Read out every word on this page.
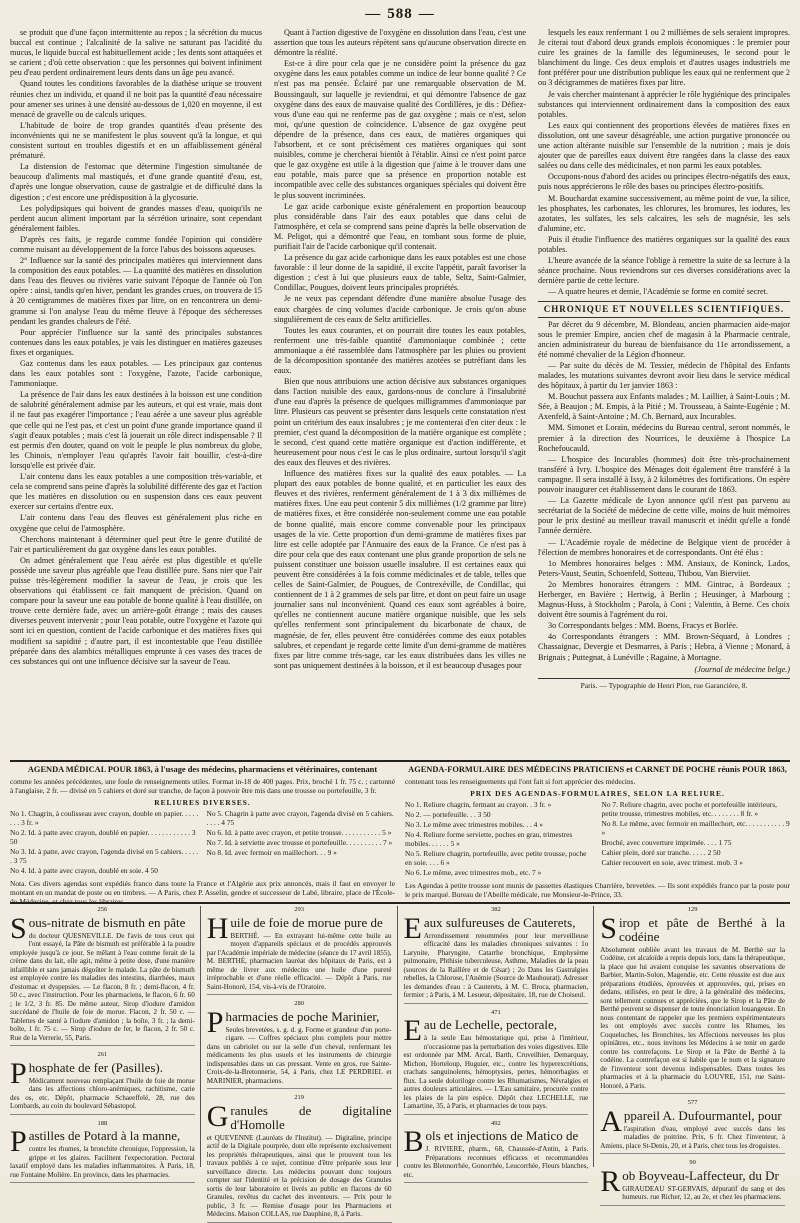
— 588 —

se produit que d'une façon intermittente au repos ; la sécrétion du mucus buccal est continue ; l'alcalinité de la salive ne saturant pas l'acidité du mucus, le liquide buccal est habituellement acide ; les dents sont attaquées et se carient ; d'où cette observation : que les personnes qui boivent infiniment peu d'eau perdent ordinairement leurs dents dans un âge peu avancé.

Quand toutes les conditions favorables de la diathèse urique se trouvent réunies chez un individu, et quand il ne boit pas la quantité d'eau nécessaire pour amener ses urines à une densité au-dessous de 1,020 en moyenne, il est menacé de gravelle ou de calculs uriques.

L'habitude de boire de trop grandes quantités d'eau présente des inconvénients qui ne se manifestent le plus souvent qu'à la longue, et qui consistent surtout en troubles digestifs et en un affaiblissement général prématuré.

La distension de l'estomac que détermine l'ingestion simultanée de beaucoup d'aliments mal mastiqués, et d'une grande quantité d'eau, est, d'après une longue observation, cause de gastralgie et de difficulté dans la digestion ; c'est encore une prédisposition à la glycosurie.

Les polydipsiques qui boivent de grandes masses d'eau, quoiqu'ils ne perdent aucun aliment important par la sécrétion urinaire, sont cependant généralement faibles.

D'après ces faits, je regarde comme fondée l'opinion qui considère comme nuisant au développement de la force l'abus des boissons aqueuses.

2° Influence sur la santé des principales matières qui interviennent dans la composition des eaux potables. — La quantité des matières en dissolution dans l'eau des fleuves ou rivières varie suivant l'époque de l'année où l'on opère : ainsi, tandis qu'en hiver, pendant les grandes crues, on trouvera de 15 à 20 centigrammes de matières fixes par litre, on en rencontrera un demi-gramme si l'on analyse l'eau du même fleuve à l'époque des sécheresses pendant les grandes chaleurs de l'été.

Pour apprécier l'influence sur la santé des principales substances contenues dans les eaux potables, je vais les distinguer en matières gazeuses fixes et organiques.

Gaz contenus dans les eaux potables. — Les principaux gaz contenus dans les eaux potables sont : l'oxygène, l'azote, l'acide carbonique, l'ammoniaque.

La présence de l'air dans les eaux destinées à la boisson est une condition de salubrité généralement admise par les auteurs, et qui est vraie, mais dont il ne faut pas exagérer l'importance ; l'eau aérée a une saveur plus agréable que celle qui ne l'est pas, et c'est un point d'une grande importance quand il s'agit d'eaux potables ; mais c'est là jouerait un rôle direct indispensable ? Il est permis d'en douter, quand on voit le peuple le plus nombreux du globe, les Chinois, n'employer l'eau qu'après l'avoir fait bouillir, c'est-à-dire lorsqu'elle est privée d'air.

L'air contenu dans les eaux potables a une composition très-variable, et cela se comprend sans peine d'après la solubilité différente des gaz et l'action que les matières en dissolution ou en suspension dans ces eaux peuvent exercer sur certains d'entre eux.

L'air contenu dans l'eau des fleuves est généralement plus riche en oxygène que celui de l'atmosphère.

Cherchons maintenant à déterminer quel peut être le genre d'utilité de l'air et particulièrement du gaz oxygène dans les eaux potables.

On admet généralement que l'eau aérée est plus digestible et qu'elle possède une saveur plus agréable que l'eau distillée pure. Sans nier que l'air puisse très-légèrement modifier la saveur de l'eau, je crois que les observations qui établissent ce fait manquent de précision. Quand on compare pour la saveur une eau potable de bonne qualité à l'eau distillée, on trouve cette dernière fade, avec un arrière-goût étrange ; mais des causes diverses peuvent intervenir ; pour l'eau potable, outre l'oxygène et l'azote qui sont ici en question, contient de l'acide carbonique et des matières fixes qui modifient sa sapidité ; d'autre part, il est incontestable que l'eau distillée préparée dans des alambics métalliques emprunte à ces vases des traces de ces substances qui ont une influence décisive sur la saveur de l'eau.

Quant à l'action digestive de l'oxygène en dissolution dans l'eau, c'est une assertion que tous les auteurs répètent sans qu'aucune observation directe en démontre la réalité.

Est-ce à dire pour cela que je ne considère point la présence du gaz oxygène dans les eaux potables comme un indice de leur bonne qualité ? Ce n'est pas ma pensée. Éclairé par une remarquable observation de M. Boussingault, sur laquelle je reviendrai, et qui démontre l'absence de gaz oxygène dans des eaux de mauvaise qualité des Cordillères, je dis : Défiez-vous d'une eau qui ne renferme pas de gaz oxygène ; mais ce n'est, selon moi, qu'une question de coïncidence. L'absence de gaz oxygène peut dépendre de la présence, dans ces eaux, de matières organiques qui l'absorbent, et ce sont précisément ces matières organiques qui sont nuisibles, comme je chercherai bientôt à l'établir. Ainsi ce n'est point parce que le gaz oxygène est utile à la digestion que j'aime à le trouver dans une eau potable, mais parce que sa présence en proportion notable est incompatible avec celle des substances organiques spéciales qui doivent être le plus souvent incriminées.

Le gaz acide carbonique existe généralement en proportion beaucoup plus considérable dans l'air des eaux potables que dans celui de l'atmosphère, et cela se comprend sans peine d'après la belle observation de M. Peligot, qui a démontré que l'eau, en tombant sous forme de pluie, purifiait l'air de l'acide carbonique qu'il contenait.

La présence du gaz acide carbonique dans les eaux potables est une chose favorable : il leur donne de la sapidité, il excite l'appétit, paraît favoriser la digestion ; c'est à lui que plusieurs eaux de table, Seltz, Saint-Galmier, Condillac, Pougues, doivent leurs principales propriétés.

Je ne veux pas cependant défendre d'une manière absolue l'usage des eaux chargées de cinq volumes d'acide carbonique. Je crois qu'on abuse singulièrement de ces eaux de Seltz artificielles.

Toutes les eaux courantes, et on pourrait dire toutes les eaux potables, renferment une très-faible quantité d'ammoniaque combinée ; cette ammoniaque a été rassemblée dans l'atmosphère par les pluies ou provient de la décomposition spontanée des matières azotées se putréfiant dans les eaux.

Bien que nous attribuions une action décisive aux substances organiques dans l'action nuisible des eaux, gardons-nous de conclure à l'insalubrité d'une eau d'après la présence de quelques milligrammes d'ammoniaque par litre. Plusieurs cas peuvent se présenter dans lesquels cette constatation n'est point un critérium des eaux insalubres ; je me contenterai d'en citer deux : le premier, c'est quand la décomposition de la matière organique est complète ; le second, c'est quand cette matière organique est d'action indifférente, et heureusement pour nous c'est le cas le plus ordinaire, surtout lorsqu'il s'agit des eaux des fleuves et des rivières.

Influence des matières fixes sur la qualité des eaux potables. — La plupart des eaux potables de bonne qualité, et en particulier les eaux des fleuves et des rivières, renferment généralement de 1 à 3 dix millièmes de matières fixes. Une eau peut contenir 5 dix millièmes (1/2 gramme par litre) de matières fixes, et être considérée non-seulement comme une eau potable de bonne qualité, mais encore comme convenable pour les principaux usages de la vie. Cette proportion d'un demi-gramme de matières fixes par litre est celle adoptée par l'Annuaire des eaux de la France. Ce n'est pas à dire pour cela que des eaux contenant une plus grande proportion de sels ne puissent constituer une boisson usuelle insalubre. Il est certaines eaux qui peuvent être considérées à la fois comme médicinales et de table, telles que celles de Saint-Galmier, de Pougues, de Contrexéville, de Condillac, qui contiennent de 1 à 2 grammes de sels par litre, et dont on peut faire un usage journalier sans nul inconvénient. Quand ces eaux sont agréables à boire, qu'elles ne contiennent aucune matière organique nuisible, que les sels qu'elles renferment sont principalement du bicarbonate de chaux, de magnésie, de fer, elles peuvent être considérées comme des eaux potables salubres, et cependant je regarde cette limite d'un demi-gramme de matières fixes par litre comme très-sage, car les eaux distribuées dans les villes ne sont pas uniquement destinées à la boisson, et il est beaucoup d'usages pour

lesquels les eaux renfermant 1 ou 2 millièmes de sels seraient impropres. Je citerai tout d'abord deux grands emplois économiques : le premier pour cuire les graines de la famille des légumineuses, le second pour le blanchiment du linge. Ces deux emplois et d'autres usages industriels me font préférer pour une distribution publique les eaux qui ne renferment que 2 ou 3 décigrammes de matières fixes par litre.

Je vais chercher maintenant à apprécier le rôle hygiénique des principales substances qui interviennent ordinairement dans la composition des eaux potables.

Les eaux qui contiennent des proportions élevées de matières fixes en dissolution, ont une saveur désagréable, une action purgative prononcée ou une action altérante nuisible sur l'ensemble de la nutrition ; mais je dois ajouter que de pareilles eaux doivent être rangées dans la classe des eaux salées ou dans celle des médicinales, et non parmi les eaux potables.

Occupons-nous d'abord des acides ou principes électro-négatifs des eaux, puis nous apprécierons le rôle des bases ou principes électro-positifs.

M. Bouchardat examine successivement, au même point de vue, la silice, les phosphates, les carbonates, les chlorures, les bromures, les iodures, les azotates, les sulfates, les sels calcaires, les sels de magnésie, les sels d'alumine, etc.

Puis il étudie l'influence des matières organiques sur la qualité des eaux potables.

L'heure avancée de la séance l'oblige à remettre la suite de sa lecture à la séance prochaine. Nous reviendrons sur ces diverses considérations avec la dernière partie de cette lecture.

— A quatre heures et demie, l'Académie se forme en comité secret.

CHRONIQUE ET NOUVELLES SCIENTIFIQUES.

Par décret du 9 décembre, M. Blondeau, ancien pharmacien aide-major sous le premier Empire, ancien chef de magasin à la Pharmacie centrale, ancien administrateur du bureau de bienfaisance du 11e arrondissement, a été nommé chevalier de la Légion d'honneur.

— Par suite du décès de M. Tessier, médecin de l'hôpital des Enfants malades, les mutations suivantes devront avoir lieu dans le service médical des hôpitaux, à partir du 1er janvier 1863 :

M. Bouchut passera aux Enfants malades ; M. Laillier, à Saint-Louis ; M. Sée, à Beaujon ; M. Empis, à la Pitié ; M. Trousseau, à Sainte-Eugénie ; M. Axenfeld, à Saint-Antoine ; M. Ch. Bernard, aux Incurables.

MM. Simonet et Lorain, médecins du Bureau central, seront nommés, le premier à la direction des Nourrices, le deuxième à l'hospice La Rochefoucauld.

— L'hospice des Incurables (hommes) doit être très-prochainement transféré à Ivry. L'hospice des Ménages doit également être transféré à la campagne. Il sera installé à Issy, à 2 kilomètres des fortifications. On espère pouvoir inaugurer cet établissement dans le courant de 1863.

— La Gazette médicale de Lyon annonce qu'il n'est pas parvenu au secrétariat de la Société de médecine de cette ville, moins de huit mémoires pour le prix destiné au meilleur travail manuscrit et inédit qu'elle a fondé l'année dernière.

— L'Académie royale de médecine de Belgique vient de procéder à l'élection de membres honoraires et de correspondants. Ont été élus :

1o Membres honoraires belges : MM. Ansiaux, de Koninck, Lados, Peters-Vaust, Seutin, Schoenfeld, Sotteau, Thibou, Van Bierviiet.

2o Membres honoraires étrangers : MM. Gintrac, à Bordeaux ; Herberger, en Bavière ; Hertwig, à Berlin ; Heusinger, à Marbourg ; Magnus-Huss, à Stockholm ; Parola, à Coni ; Valentin, à Berne. Ces choix doivent être soumis à l'agrément du roi.

3o Correspondants belges : MM. Boens, Fracys et Borlée.

4o Correspondants étrangers : MM. Brown-Séquard, à Londres ; Chassaignac, Devergie et Desmarres, à Paris ; Hebra, à Vienne ; Monard, à Brignais ; Puttegnat, à Lunéville ; Ragaine, à Mortagne.

(Journal de médecine belge.)
Paris. — Typographie de Henri Plon, rue Garancière, 8.
AGENDA MÉDICAL POUR 1863, à l'usage des médecins, pharmaciens et vétérinaires, contenant
comme les années précédentes, une foule de renseignements utiles. Format in-18 de 400 pages. Prix, broché 1 fr. 75 c. ; cartonné à l'anglaise, 2 fr. — divisé en 5 cahiers et doré sur tranche, de façon à pouvoir être mis dans une trousse ou portefeuille, 3 fr.
RELIURES DIVERSES.
No 1. Chagrin, à coulisseau avec crayon, double en papier. . . . . . . . 3 fr. »
No 2. Id. à patte avec crayon, doublé en papier. . . . . . . . . . . . 3 50
No 3. Id. à patte, avec crayon, l'agenda divisé en 5 cahiers. . . . . . 3 75
No 4. Id. à patte avec crayon, doublé en soie. 4 50
No 5. Chagrin à patte avec crayon, l'agenda divisé en 5 cahiers. . . . . 4 75
No 6. Id. à patte avec crayon, et petite trousse. . . . . . . . . . . 5 »
No 7. Id. à serviette avec trousse et portefeuille. . . . . . . . . . 7 »
No 8. Id. avec fermoir en maillechort. . . 9 »
Nota. Ces divers agendas sont expédiés franco dans toute la France et l'Algérie aux prix annoncés, mais il faut en envoyer le montant en un mandat de poste ou en timbres. — A Paris, chez P. Asselin, gendre et successeur de Labé, libraire, place de l'École-de-Médecine, et chez tous les libraires.
AGENDA-FORMULAIRE DES MÉDECINS PRATICIENS et CARNET DE POCHE réunis POUR 1863,
contenant tous les renseignements qui l'ont fait si fort apprécier des médecins.
PRIX DES AGENDAS-FORMULAIRES, SELON LA RELIURE.
No 1. Reliure chagrin, fermant au crayon. . 3 fr. »
No 2. — portefeuille. . . 3 50
No 3. Le même avec trimestres mobiles. . . 4 »
No 4. Reliure forme serviette, poches en grau, trimestres mobiles. . . . . . 5 »
No 5. Reliure chagrin, portefeuille, avec petite trousse, poche en soie. . . . 6 »
No 6. Le même, avec trimestres mob., etc. 7 »
No 7. Reliure chagrin, avec poche et portefeuille intérieurs, petite trousse, trimestres mobiles, etc. . . . . . . . 8 fr. »
No 8. Le même, avec fermoir en maillechort, etc. . . . . . . . . . . 9 »
Broché, avec couverture imprimée. . . . 1 75
Cahier plein, doré sur tranche. . . . . 2 50
Cahier recouvert en soie, avec trimest. mob. 3 »
Les Agendas à petite trousse sont munis de passettes élastiques Charrière, brevetées. — Ils sont expédiés franco par la poste pour le prix marqué. Bureau de l'Abeille médicale, rue Monsieur-le-Prince, 33.
256
Sous-nitrate de bismuth en pâte
du docteur QUESNEVILLE. De l'avis de tous ceux qui l'ont essayé, la Pâte de bismuth est préférable à la poudre employée jusqu'à ce jour. Se mêlant à l'eau comme ferait de la crème dans du lait, elle agit, même à petite dose, d'une manière infaillible et sans jamais dégoûter le malade. La pâte de bismuth est employée contre les maladies des intestins, diarrhées, maux d'estomac et dyspepsies. — Le flacon, 8 fr. ; demi-flacon, 4 fr. 50 c., avec l'instruction. Pour les pharmaciens, le flacon, 6 fr. 60 ; le 1/2, 3 fr. 85. De même auteur, Sirop d'iodure d'amidon succédané de l'huile de foie de morue. Flacon, 2 fr. 50 c. — Tablettes de santé à l'iodure d'amidon ; la boîte, 3 fr. ; la demi-boîte, 1 fr. 75 c. — Sirop d'iodure de fer, le flacon, 2 fr. 50 c. Rue de la Verrerie, 55, Paris.
261
Phosphate de fer (Pasilles).
Médicament nouveau remplaçant l'huile de foie de morue dans les affections chloro-anémiques, rachitisme, carie des os, etc. Dépôt, pharmacie Schaeeffelé, 28, rue des Lombards, au coin du boulevard Sébastopol.
188
Pastilles de Potard à la manne,
contre les rhumes, la bronchite chronique, l'oppression, la grippe et les glaires. Facilitent l'expectoration. Pectoral laxatif employé dans les maladies inflammatoires. À Paris, 18, rue Fontaine Molière. En province, dans les pharmacies.
293
Huile de foie de morue pure de
BERTHÉ. — En extrayant lui-même cette huile au moyen d'appareils spéciaux et de procédés approuvés par l'Académie impériale de médecine (séance du 17 avril 1855), M. BERTHÉ, pharmacien lauréat des hôpitaux de Paris, est à même de livrer aux médecins une huile d'une pureté irréprochable et d'une réelle efficacité. — Dépôt à Paris, rue Saint-Honoré, 154, vis-à-vis de l'Oratoire.
280
Pharmacies de poche Marinier,
Seules brevetées, s. g. d. g. Forme et grandeur d'un porte-cigare. — Coffres spéciaux plus complets pour mettre dans un cabriolet ou sur la selle d'un cheval, renfermant les médicaments les plus usuels et les instruments de chirurgie indispensables dans un cas pressant. Vente en gros, rue Sainte-Croix-de-la-Bretonnerie, 54, à Paris, chez LE PERDRIEL et MARINIER, pharmaciens.
219
Granules de digitaline d'Homolle
et QUEVENNE (Lauréats de l'Institut). — Digitaline, principe actif de la Digitale pourprée, dont elle représente exclusivement les propriétés thérapeutiques, ainsi que le prouvent tous les travaux publiés à ce sujet, continue d'être préparée sous leur surveillance directe. Les médecins pouvant donc toujours compter sur l'identité et la précision de dosage des Granules sortis de leur laboratoire et livrés au public en flacons de 60 Granules, revêtus du cachet des inventeurs. — Prix pour le public, 3 fr. — Remise d'usage pour les Pharmaciens et Médecins. Maison COLLAS, rue Dauphine, 8, à Paris.
382
Eaux sulfureuses de Cauterets,
Arrondissement renommées pour leur merveilleuse efficacité dans les maladies chroniques suivantes : 1o Larynite, Pharyngite, Catarrhe bronchique, Emphysème pulmonaire, Phthisie tuberculeuse, Asthme, Maladies de la peau (sources de la Raillère et de César) ; 2o Dans les Gastralgies rebelles, la Chlorose, l'Anémie (Source de Mauhourat). Adresser les demandes d'eau : à Cauterets, à M. C. Broca, pharmacien, fermier ; à Paris, à M. Lesueur, dépositaire, 18, rue de Choiseul.
471
Eau de Lechelle, pectorale,
à la seule Eau hémostatique qui, prise à l'intérieur, n'occasionne pas la perturbation des voies digestives. Elle est ordonnée par MM. Arcal, Barth, Cruveilhier, Demarquay, Michon, Horteloup, Huguier, etc., contre les hyperexcrétions, crachats sanguinolents, hémoptysies, pertes, hémorrhagies et flux. La seule doloriloge contre les Rhumatismes, Névralgies et autres douleurs articulaires. — L'Eau samitaire, procurée contre les plaies de la pire espèce. Dépôt chez LECHELLE, rue Lamartine, 35, à Paris, et pharmacies de tous pays.
492
Bols et injections de Matico de
J. RIVIERE, pharm., 68, Chaussée-d'Antin, à Paris. Préparations reconnues efficaces et recommandées contre les Blennorrhée, Gonorrhée, Leucorrhée, Fleurs blanches, etc.
129
Sirop et pâte de Berthé à la codéine
Absolument oubliée avant les travaux de M. Berthé sur la Codéine, cet alcaloïde a repris depuis lors, dans la thérapeutique, la place que lui avaient conquise les savantes observations de Barbier, Martin-Solon, Magendie, etc. Cette réussite est due aux préparations étudiées, éprouvées et approuvées, qui, prises en dedans, utilisées, en peut le dire, à la généralité des médecins, sont tellement connues et appréciées, que le Sirop et la Pâte de Berthé peuvent se dispenser de toute énonciation louangeuse. En nous contentant de rappeler que les premiers expérimentateurs les ont employés avec succès contre les Rhumes, les Coqueluches, les Bronchites, les Affections nerveuses les plus opiniâtres, etc., nous invitons les Médecins à se tenir en garde contre les contrefaçons. Le Sirop et la Pâte de Berthé à la codéine. La contrefaçon est si habile que le nom et la signature de l'inventeur sont devenus indispensables. Dans toutes les pharmacies et à la pharmacie du LOUVRE, 151, rue Saint-Honoré, à Paris.
577
Appareil A. Dufourmantel, pour
l'aspiration d'eau, employé avec succès dans les maladies de poitrine. Prix, 6 fr. Chez l'inventeur, à Amiens, place St-Denis, 20, et à Paris, chez tous les droguistes.
90
Rob Boyveau-Laffecteur, du Dr
GIRAUDEAU ST-GERVAIS, dépuratif du sang et des humeurs. rue Richer, 12, au 2e, et chez les pharmaciens.
